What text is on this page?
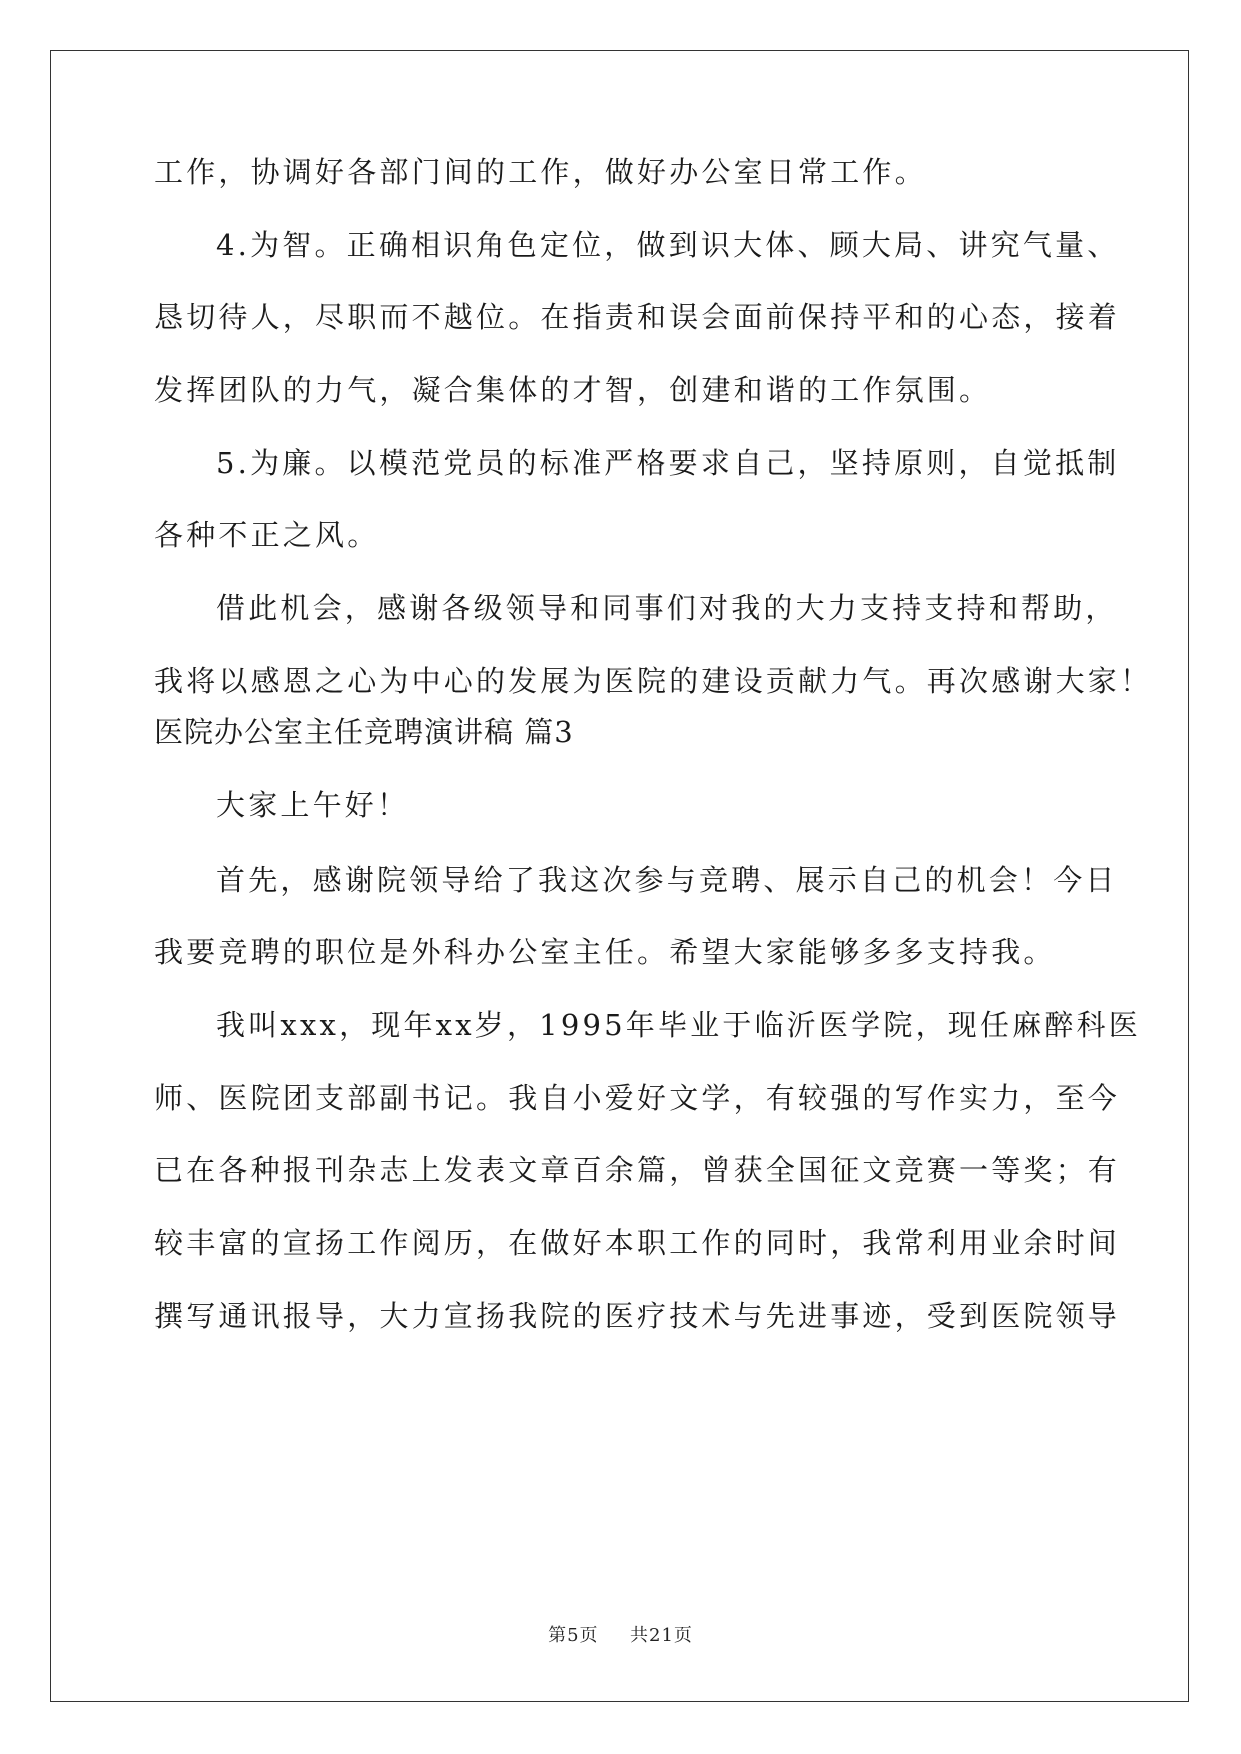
工作，协调好各部门间的工作，做好办公室日常工作。
4.为智。正确相识角色定位，做到识大体、顾大局、讲究气量、
恳切待人，尽职而不越位。在指责和误会面前保持平和的心态，接着
发挥团队的力气，凝合集体的才智，创建和谐的工作氛围。
5.为廉。以模范党员的标准严格要求自己，坚持原则，自觉抵制
各种不正之风。
借此机会，感谢各级领导和同事们对我的大力支持支持和帮助，
我将以感恩之心为中心的发展为医院的建设贡献力气。再次感谢大家！
医院办公室主任竞聘演讲稿 篇3
大家上午好！
首先，感谢院领导给了我这次参与竞聘、展示自己的机会！今日
我要竞聘的职位是外科办公室主任。希望大家能够多多支持我。
我叫xxx，现年xx岁，1995年毕业于临沂医学院，现任麻醉科医
师、医院团支部副书记。我自小爱好文学，有较强的写作实力，至今
已在各种报刊杂志上发表文章百余篇，曾获全国征文竞赛一等奖；有
较丰富的宣扬工作阅历，在做好本职工作的同时，我常利用业余时间
撰写通讯报导，大力宣扬我院的医疗技术与先进事迹，受到医院领导
第5页 共21页
